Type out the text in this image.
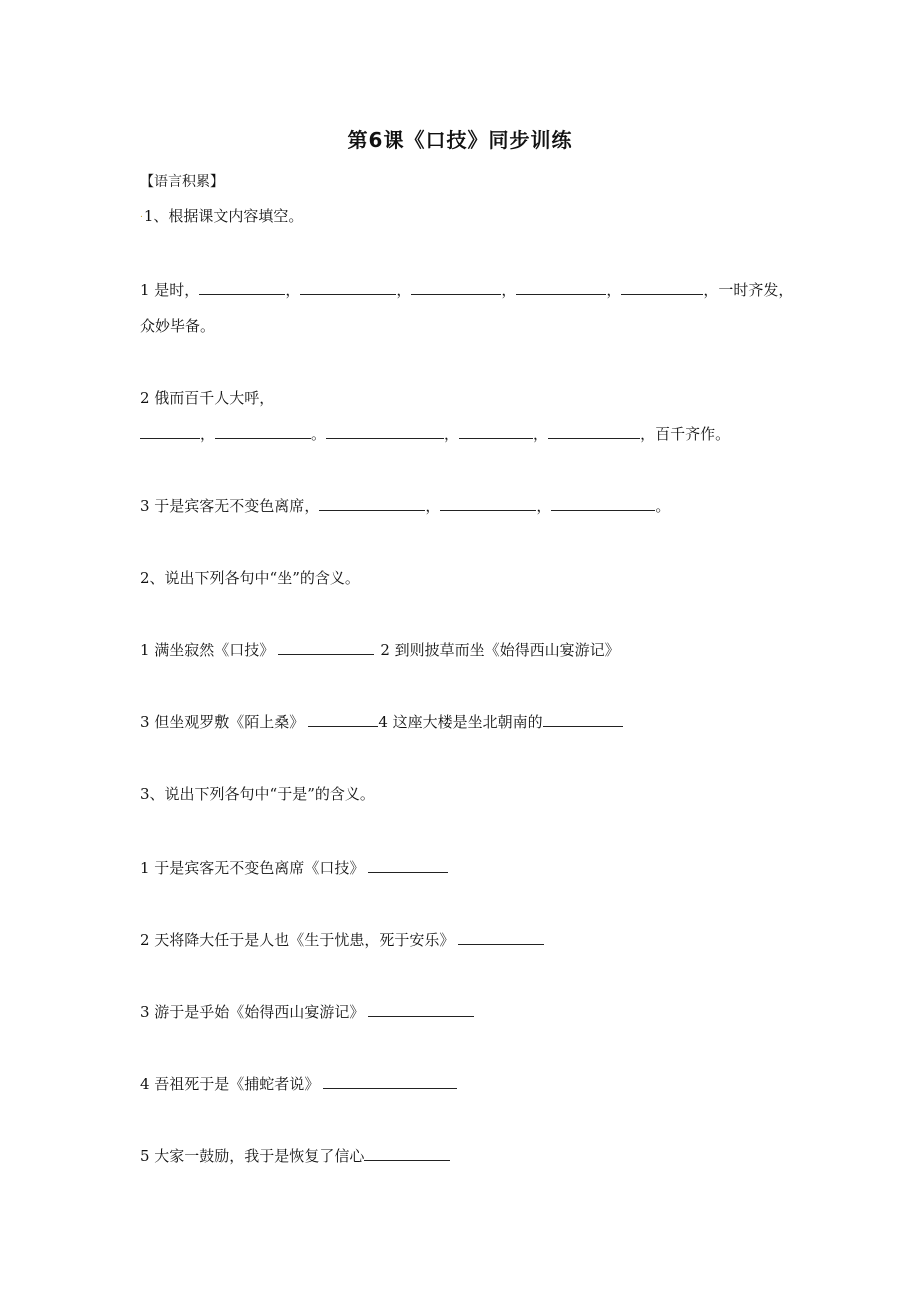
第6课《口技》同步训练
【语言积累】
.1、根据课文内容填空。
1 是时，	，	，	，	，	，一时齐发，
众妙毕备。
2 俄而百千人大呼，
，	。	，	，	，百千齐作。
3 于是宾客无不变色离席，	，	，	。
2、说出下列各句中“坐”的含义。
1 满坐寂然《口技》	2 到则披草而坐《始得西山宴游记》
3 但坐观罗敷《陌上桑》	4 这座大楼是坐北朝南的
3、说出下列各句中“于是”的含义。
1 于是宾客无不变色离席《口技》
2 天将降大任于是人也《生于忧患，死于安乐》
3 游于是乎始《始得西山宴游记》
4 吾祖死于是《捕蛇者说》
5 大家一鼓励，我于是恢复了信心
